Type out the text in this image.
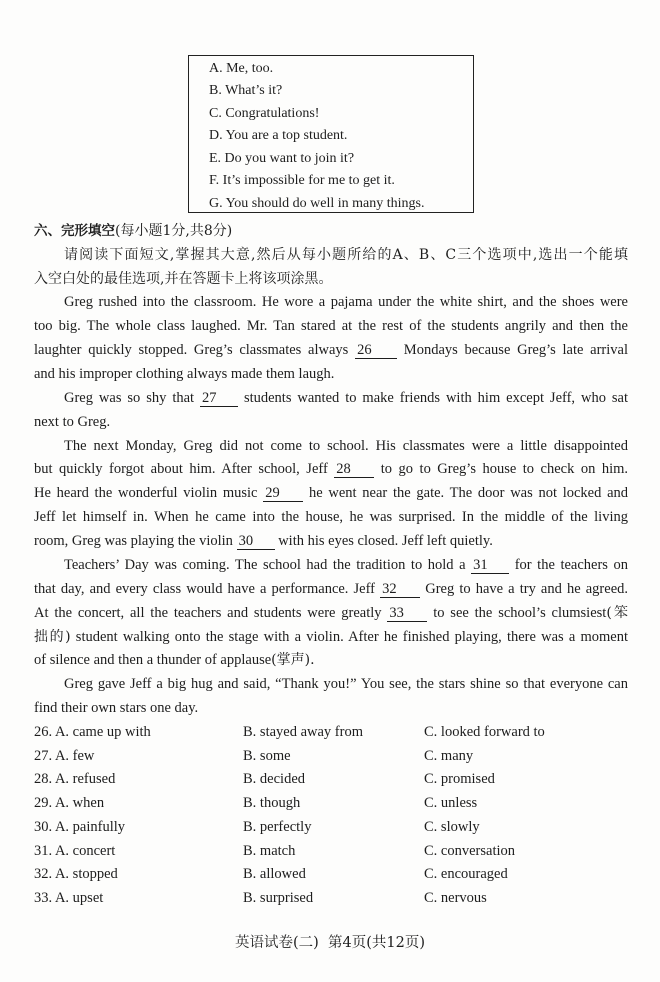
A. Me, too.
B. What’s it?
C. Congratulations!
D. You are a top student.
E. Do you want to join it?
F. It’s impossible for me to get it.
G. You should do well in many things.
六、完形填空(每小题1分,共8分)
请阅读下面短文,掌握其大意,然后从每小题所给的A、B、C三个选项中,选出一个能填
入空白处的最佳选项,并在答题卡上将该项涂黑。
Greg rushed into the classroom. He wore a pajama under the white shirt, and the shoes were
too big. The whole class laughed. Mr. Tan stared at the rest of the students angrily and then the
laughter quickly stopped. Greg’s classmates always 26 Mondays because Greg’s late arrival
and his improper clothing always made them laugh.
Greg was so shy that 27 students wanted to make friends with him except Jeff, who sat
next to Greg.
The next Monday, Greg did not come to school. His classmates were a little disappointed
but quickly forgot about him. After school, Jeff 28 to go to Greg’s house to check on him.
He heard the wonderful violin music 29 he went near the gate. The door was not locked and
Jeff let himself in. When he came into the house, he was surprised. In the middle of the living
room, Greg was playing the violin 30 with his eyes closed. Jeff left quietly.
Teachers’ Day was coming. The school had the tradition to hold a 31 for the teachers on
that day, and every class would have a performance. Jeff 32 Greg to have a try and he agreed.
At the concert, all the teachers and students were greatly 33 to see the school’s clumsiest(笨
拙的) student walking onto the stage with a violin. After he finished playing, there was a moment
of silence and then a thunder of applause(掌声).
Greg gave Jeff a big hug and said, “Thank you!” You see, the stars shine so that everyone can
find their own stars one day.
26. A. came up with	B. stayed away from	C. looked forward to
27. A. few	B. some	C. many
28. A. refused	B. decided	C. promised
29. A. when	B. though	C. unless
30. A. painfully	B. perfectly	C. slowly
31. A. concert	B. match	C. conversation
32. A. stopped	B. allowed	C. encouraged
33. A. upset	B. surprised	C. nervous
英语试卷(二)  第4页(共12页)
